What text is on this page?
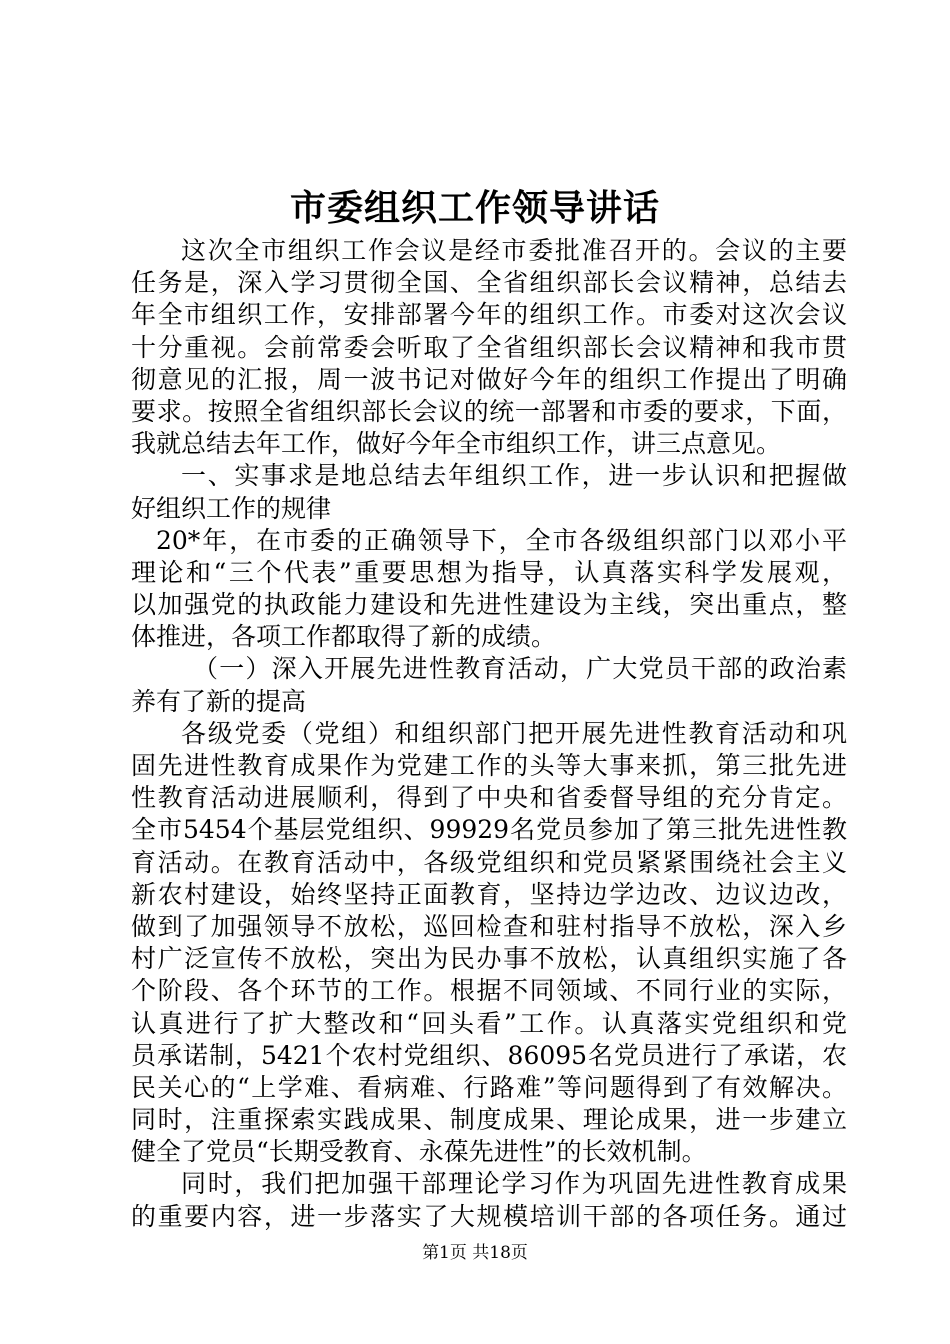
市委组织工作领导讲话
这次全市组织工作会议是经市委批准召开的。会议的主要
任务是，深入学习贯彻全国、全省组织部长会议精神，总结去
年全市组织工作，安排部署今年的组织工作。市委对这次会议
十分重视。会前常委会听取了全省组织部长会议精神和我市贯
彻意见的汇报，周一波书记对做好今年的组织工作提出了明确
要求。按照全省组织部长会议的统一部署和市委的要求，下面，
我就总结去年工作，做好今年全市组织工作，讲三点意见。
一、实事求是地总结去年组织工作，进一步认识和把握做
好组织工作的规律
20*年，在市委的正确领导下，全市各级组织部门以邓小平
理论和“三个代表”重要思想为指导，认真落实科学发展观，
以加强党的执政能力建设和先进性建设为主线，突出重点，整
体推进，各项工作都取得了新的成绩。
（一）深入开展先进性教育活动，广大党员干部的政治素
养有了新的提高
各级党委（党组）和组织部门把开展先进性教育活动和巩
固先进性教育成果作为党建工作的头等大事来抓，第三批先进
性教育活动进展顺利，得到了中央和省委督导组的充分肯定。
全市5454个基层党组织、99929名党员参加了第三批先进性教
育活动。在教育活动中，各级党组织和党员紧紧围绕社会主义
新农村建设，始终坚持正面教育，坚持边学边改、边议边改，
做到了加强领导不放松，巡回检查和驻村指导不放松，深入乡
村广泛宣传不放松，突出为民办事不放松，认真组织实施了各
个阶段、各个环节的工作。根据不同领域、不同行业的实际，
认真进行了扩大整改和“回头看”工作。认真落实党组织和党
员承诺制，5421个农村党组织、86095名党员进行了承诺，农
民关心的“上学难、看病难、行路难”等问题得到了有效解决。
同时，注重探索实践成果、制度成果、理论成果，进一步建立
健全了党员“长期受教育、永葆先进性”的长效机制。
同时，我们把加强干部理论学习作为巩固先进性教育成果
的重要内容，进一步落实了大规模培训干部的各项任务。通过
第1页 共18页
